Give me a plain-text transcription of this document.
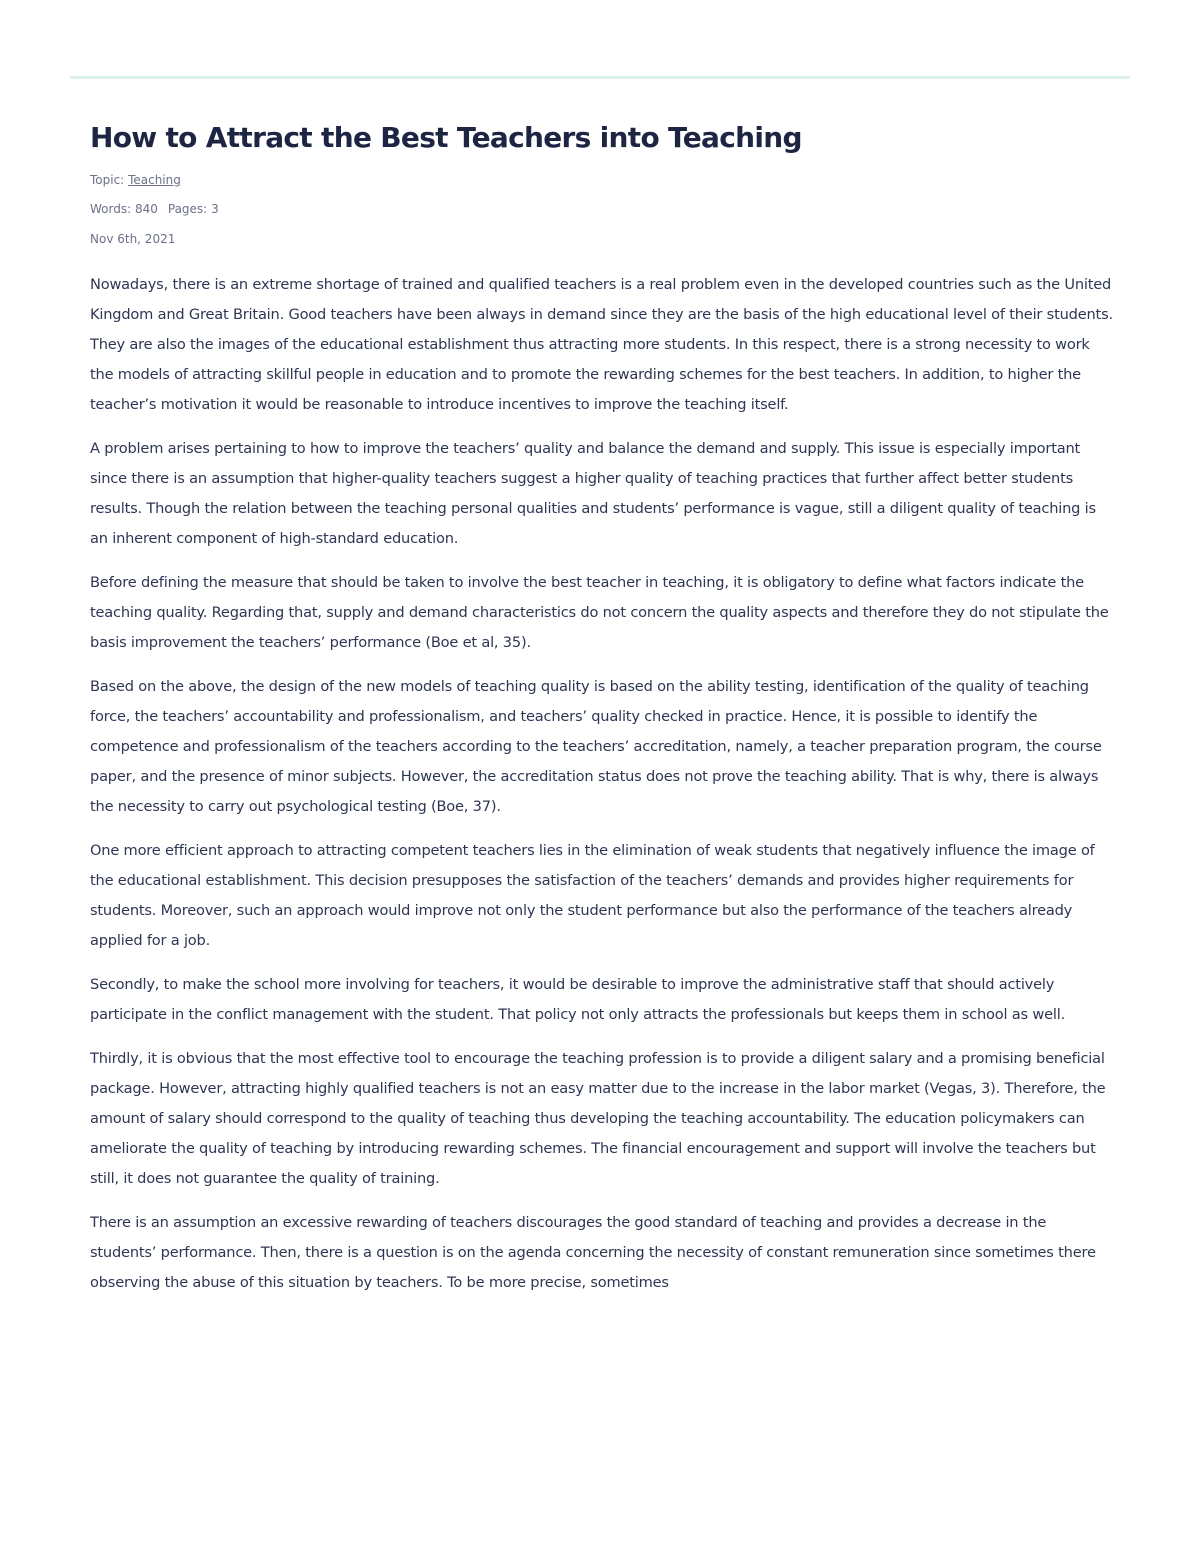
How to Attract the Best Teachers into Teaching
Topic: Teaching
Words: 840 Pages: 3
Nov 6th, 2021

Nowadays, there is an extreme shortage of trained and qualified teachers is a real problem even in the developed countries such as the United Kingdom and Great Britain. Good teachers have been always in demand since they are the basis of the high educational level of their students. They are also the images of the educational establishment thus attracting more students. In this respect, there is a strong necessity to work the models of attracting skillful people in education and to promote the rewarding schemes for the best teachers. In addition, to higher the teacher’s motivation it would be reasonable to introduce incentives to improve the teaching itself.

A problem arises pertaining to how to improve the teachers’ quality and balance the demand and supply. This issue is especially important since there is an assumption that higher-quality teachers suggest a higher quality of teaching practices that further affect better students results. Though the relation between the teaching personal qualities and students’ performance is vague, still a diligent quality of teaching is an inherent component of high-standard education.

Before defining the measure that should be taken to involve the best teacher in teaching, it is obligatory to define what factors indicate the teaching quality. Regarding that, supply and demand characteristics do not concern the quality aspects and therefore they do not stipulate the basis improvement the teachers’ performance (Boe et al, 35).

Based on the above, the design of the new models of teaching quality is based on the ability testing, identification of the quality of teaching force, the teachers’ accountability and professionalism, and teachers’ quality checked in practice. Hence, it is possible to identify the competence and professionalism of the teachers according to the teachers’ accreditation, namely, a teacher preparation program, the course paper, and the presence of minor subjects. However, the accreditation status does not prove the teaching ability. That is why, there is always the necessity to carry out psychological testing (Boe, 37).

One more efficient approach to attracting competent teachers lies in the elimination of weak students that negatively influence the image of the educational establishment. This decision presupposes the satisfaction of the teachers’ demands and provides higher requirements for students. Moreover, such an approach would improve not only the student performance but also the performance of the teachers already applied for a job.

Secondly, to make the school more involving for teachers, it would be desirable to improve the administrative staff that should actively participate in the conflict management with the student. That policy not only attracts the professionals but keeps them in school as well.

Thirdly, it is obvious that the most effective tool to encourage the teaching profession is to provide a diligent salary and a promising beneficial package. However, attracting highly qualified teachers is not an easy matter due to the increase in the labor market (Vegas, 3). Therefore, the amount of salary should correspond to the quality of teaching thus developing the teaching accountability. The education policymakers can ameliorate the quality of teaching by introducing rewarding schemes. The financial encouragement and support will involve the teachers but still, it does not guarantee the quality of training.

There is an assumption an excessive rewarding of teachers discourages the good standard of teaching and provides a decrease in the students’ performance. Then, there is a question is on the agenda concerning the necessity of constant remuneration since sometimes there observing the abuse of this situation by teachers. To be more precise, sometimes
